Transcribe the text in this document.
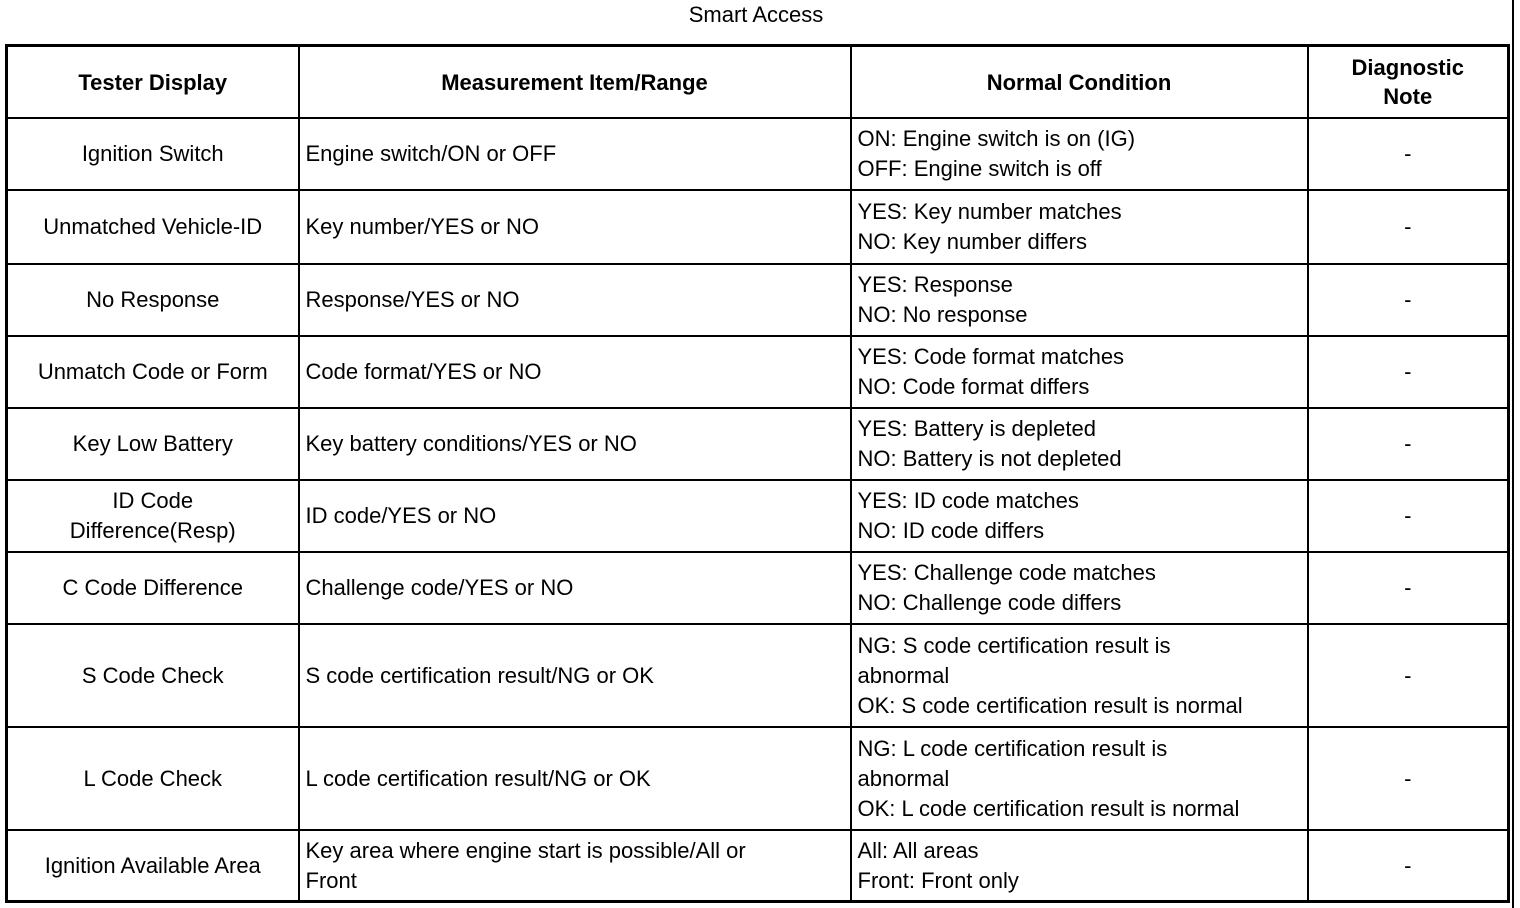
Smart Access
Tester Display	Measurement Item/Range	Normal Condition	Diagnostic
Note

Ignition Switch	Engine switch/ON or OFF	ON: Engine switch is on (IG)
OFF: Engine switch is off	-

Unmatched Vehicle-ID	Key number/YES or NO	YES: Key number matches
NO: Key number differs	-

No Response	Response/YES or NO	YES: Response
NO: No response	-

Unmatch Code or Form	Code format/YES or NO	YES: Code format matches
NO: Code format differs	-

Key Low Battery	Key battery conditions/YES or NO	YES: Battery is depleted
NO: Battery is not depleted	-

ID Code
Difference(Resp)	ID code/YES or NO	YES: ID code matches
NO: ID code differs	-

C Code Difference	Challenge code/YES or NO	YES: Challenge code matches
NO: Challenge code differs	-

S Code Check	S code certification result/NG or OK	NG: S code certification result is
abnormal
OK: S code certification result is normal	-

L Code Check	L code certification result/NG or OK	NG: L code certification result is
abnormal
OK: L code certification result is normal	-

Ignition Available Area	Key area where engine start is possible/All or
Front	All: All areas
Front: Front only	-
